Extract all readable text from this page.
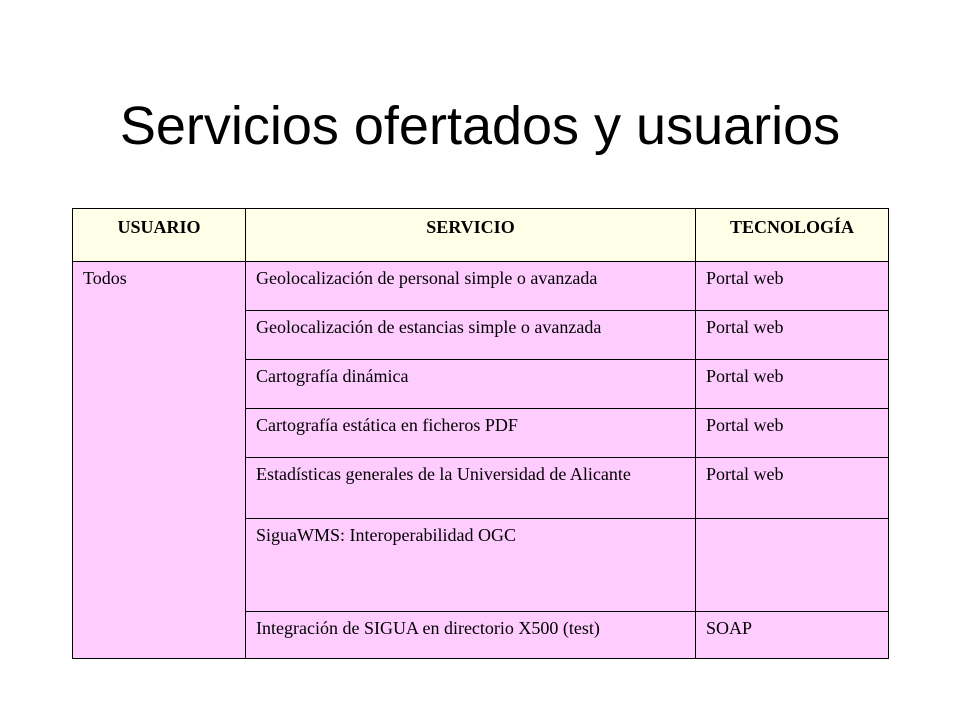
Servicios ofertados y usuarios
USUARIO	SERVICIO	TECNOLOGÍA
Todos	Geolocalización de personal simple o avanzada	Portal web
	Geolocalización de estancias simple o avanzada	Portal web
	Cartografía dinámica	Portal web
	Cartografía estática en ficheros PDF	Portal web
	Estadísticas generales de la Universidad de Alicante	Portal web
	SiguaWMS: Interoperabilidad OGC	
	Integración de SIGUA en directorio X500 (test)	SOAP
